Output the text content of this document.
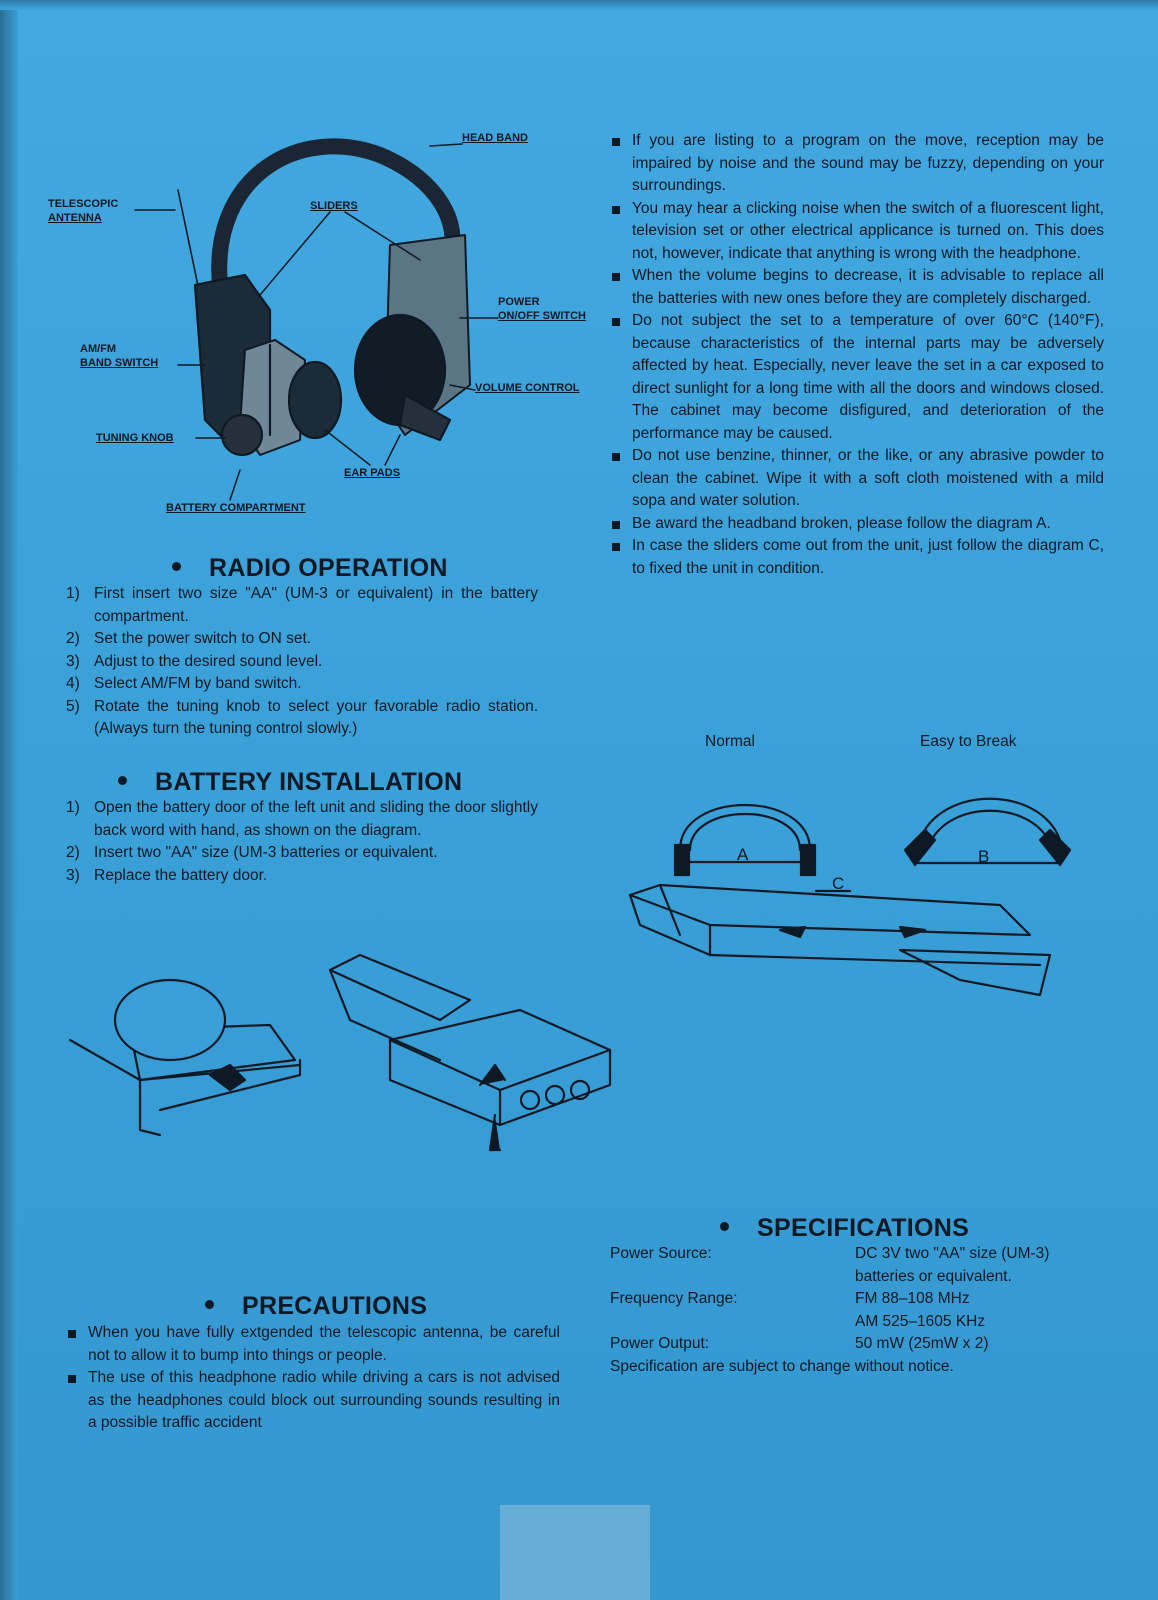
HEAD BAND
TELESCOPIC
ANTENNA
SLIDERS
POWER
ON/OFF SWITCH
AM/FM
BAND SWITCH
VOLUME CONTROL
TUNING KNOB
EAR PADS
BATTERY COMPARTMENT
RADIO OPERATION
1) First insert two size "AA" (UM-3 or equivalent) in the battery compartment.
2) Set the power switch to ON set.
3) Adjust to the desired sound level.
4) Select AM/FM by band switch.
5) Rotate the tuning knob to select your favorable radio station. (Always turn the tuning control slowly.)
BATTERY INSTALLATION
1) Open the battery door of the left unit and sliding the door slightly back word with hand, as shown on the diagram.
2) Insert two "AA" size (UM-3 batteries or equivalent.
3) Replace the battery door.
If you are listing to a program on the move, reception may be impaired by noise and the sound may be fuzzy, depending on your surroundings.
You may hear a clicking noise when the switch of a fluorescent light, television set or other electrical applicance is turned on. This does not, however, indicate that anything is wrong with the headphone.
When the volume begins to decrease, it is advisable to replace all the batteries with new ones before they are completely discharged.
Do not subject the set to a temperature of over 60°C (140°F), because characteristics of the internal parts may be adversely affected by heat. Especially, never leave the set in a car exposed to direct sunlight for a long time with all the doors and windows closed. The cabinet may become disfigured, and deterioration of the performance may be caused.
Do not use benzine, thinner, or the like, or any abrasive powder to clean the cabinet. Wipe it with a soft cloth moistened with a mild sopa and water solution.
Be award the headband broken, please follow the diagram A.
In case the sliders come out from the unit, just follow the diagram C, to fixed the unit in condition.
Normal	Easy to Break
A	B
C
SPECIFICATIONS
Power Source:	DC 3V two "AA" size (UM-3) batteries or equivalent.
Frequency Range:	FM 88–108 MHz
AM 525–1605 KHz
Power Output:	50 mW (25mW x 2)
Specification are subject to change without notice.
PRECAUTIONS
When you have fully extgended the telescopic antenna, be careful not to allow it to bump into things or people.
The use of this headphone radio while driving a cars is not advised as the headphones could block out surrounding sounds resulting in a possible traffic accident
